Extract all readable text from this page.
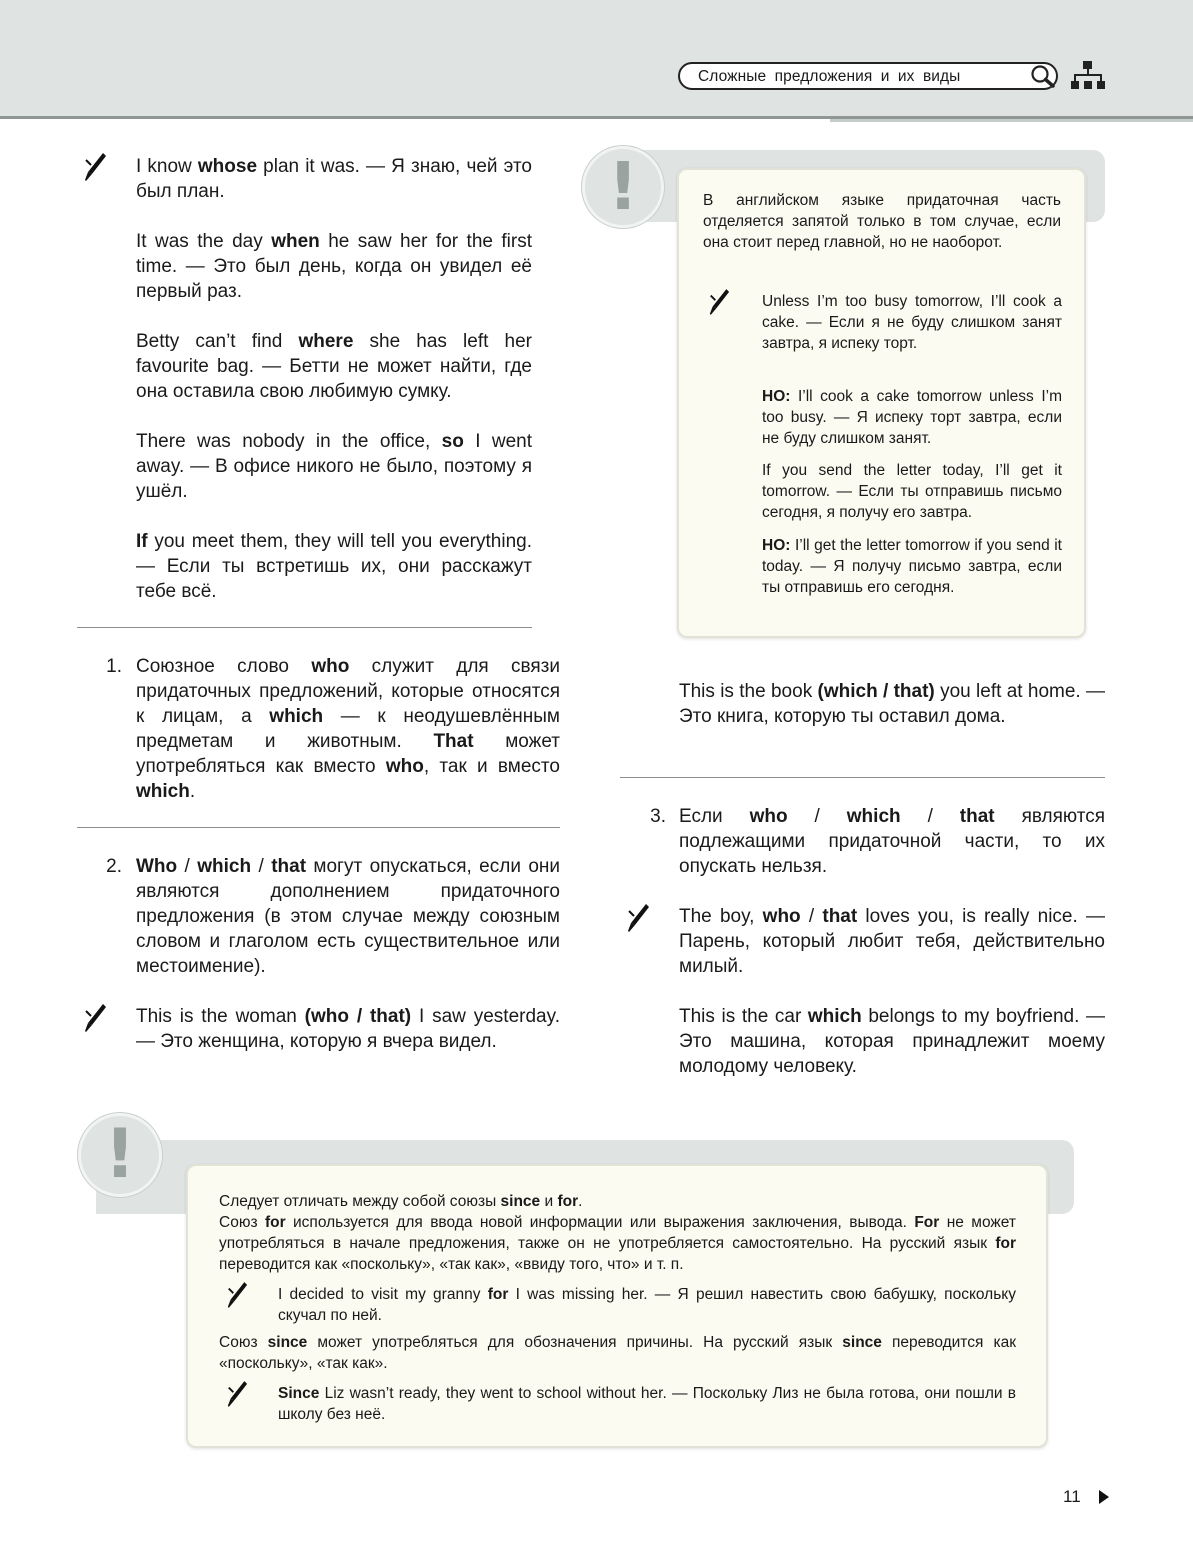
Сложные предложения и их виды
I know whose plan it was. — Я знаю, чей это был план.
It was the day when he saw her for the first time. — Это был день, когда он увидел её первый раз.
Betty can’t find where she has left her favourite bag. — Бетти не может найти, где она оставила свою любимую сумку.
There was nobody in the office, so I went away. — В офисе никого не было, поэтому я ушёл.
If you meet them, they will tell you everything. — Если ты встретишь их, они расскажут тебе всё.
1. Союзное слово who служит для связи придаточных предложений, которые относятся к лицам, а which — к неодушевлённым предметам и животным. That может употребляться как вместо who, так и вместо which.
2. Who / which / that могут опускаться, если они являются дополнением придаточного предложения (в этом случае между союзным словом и глаголом есть существительное или местоимение).
This is the woman (who / that) I saw yesterday. — Это женщина, которую я вчера видел.
!	В английском языке придаточная часть отделяется запятой только в том случае, если она стоит перед главной, но не наоборот.
Unless I’m too busy tomorrow, I’ll cook a cake. — Если я не буду слишком занят завтра, я испеку торт.
НО: I’ll cook a cake tomorrow unless I’m too busy. — Я испеку торт завтра, если не буду слишком занят.
If you send the letter today, I’ll get it tomorrow. — Если ты отправишь письмо сегодня, я получу его завтра.
НО: I’ll get the letter tomorrow if you send it today. — Я получу письмо завтра, если ты отправишь его сегодня.
This is the book (which / that) you left at home. — Это книга, которую ты оставил дома.
3. Если who / which / that являются подлежащими придаточной части, то их опускать нельзя.
The boy, who / that loves you, is really nice. — Парень, который любит тебя, действительно милый.
This is the car which belongs to my boyfriend. — Это машина, которая принадлежит моему молодому человеку.
!
Следует отличать между собой союзы since и for.
Союз for используется для ввода новой информации или выражения заключения, вывода. For не может употребляться в начале предложения, также он не употребляется самостоятельно. На русский язык for переводится как «поскольку», «так как», «ввиду того, что» и т. п.
I decided to visit my granny for I was missing her. — Я решил навестить свою бабушку, поскольку скучал по ней.
Союз since может употребляться для обозначения причины. На русский язык since переводится как «поскольку», «так как».
Since Liz wasn’t ready, they went to school without her. — Поскольку Лиз не была готова, они пошли в школу без неё.
11
